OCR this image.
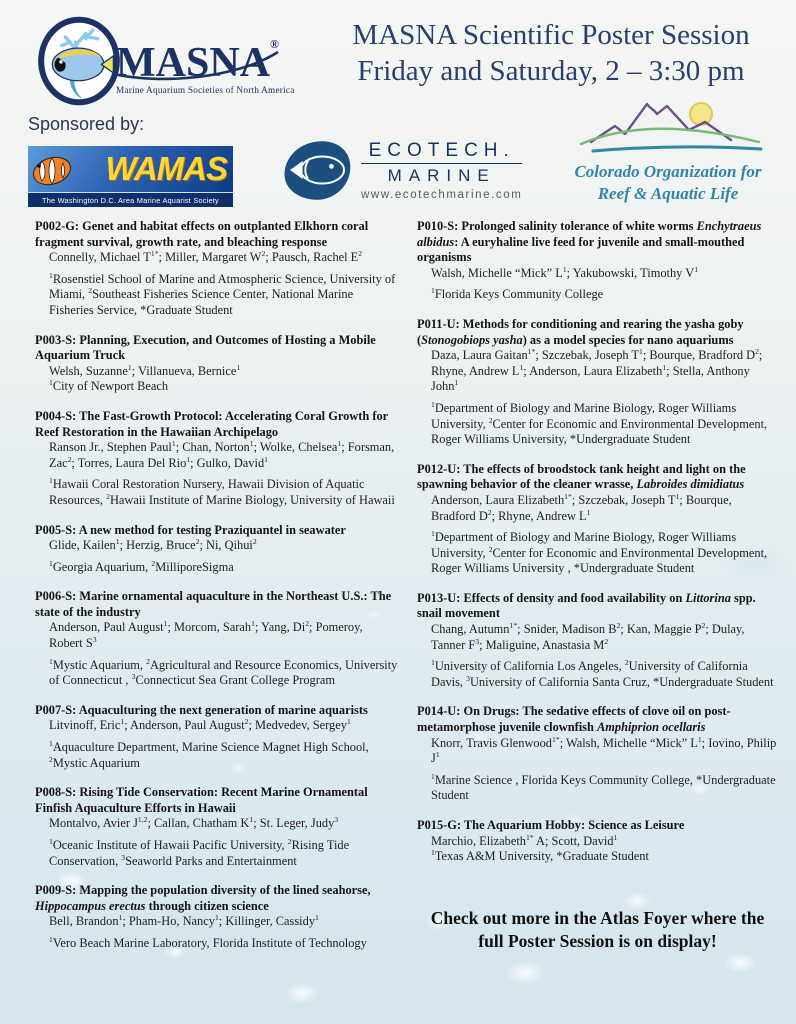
MASNA®
Marine Aquarium Societies of North America
MASNA Scientific Poster Session
Friday and Saturday, 2 – 3:30 pm
Sponsored by:
WAMAS
The Washington D.C. Area Marine Aquarist Society
ECOTECH.
MARINE
www.ecotechmarine.com
Colorado Organization for
Reef & Aquatic Life
P002-G: Genet and habitat effects on outplanted Elkhorn coral fragment survival, growth rate, and bleaching response
Connelly, Michael $T^{1*}$; Miller, Margaret $W^2$; Pausch, Rachel $E^2$
$^1$Rosenstiel School of Marine and Atmospheric Science, University of Miami, $^2$Southeast Fisheries Science Center, National Marine Fisheries Service, *Graduate Student
P003-S: Planning, Execution, and Outcomes of Hosting a Mobile Aquarium Truck
Welsh, Suzanne$^1$; Villanueva, Bernice$^1$
$^1$City of Newport Beach
P004-S: The Fast-Growth Protocol: Accelerating Coral Growth for Reef Restoration in the Hawaiian Archipelago
Ranson Jr., Stephen Paul$^1$; Chan, Norton$^1$; Wolke, Chelsea$^1$; Forsman, Zac$^2$; Torres, Laura Del Rio$^1$; Gulko, David$^1$
$^1$Hawaii Coral Restoration Nursery, Hawaii Division of Aquatic Resources, $^2$Hawaii Institute of Marine Biology, University of Hawaii
P005-S: A new method for testing Praziquantel in seawater
Glide, Kailen$^1$; Herzig, Bruce$^2$; Ni, Qihui$^2$
$^1$Georgia Aquarium, $^2$MilliporeSigma
P006-S: Marine ornamental aquaculture in the Northeast U.S.: The state of the industry
Anderson, Paul August$^1$; Morcom, Sarah$^1$; Yang, Di$^2$; Pomeroy, Robert $S^3$
$^1$Mystic Aquarium, $^2$Agricultural and Resource Economics, University of Connecticut , $^3$Connecticut Sea Grant College Program
P007-S: Aquaculturing the next generation of marine aquarists
Litvinoff, Eric$^1$; Anderson, Paul August$^2$; Medvedev, Sergey$^1$
$^1$Aquaculture Department, Marine Science Magnet High School, $^2$Mystic Aquarium
P008-S: Rising Tide Conservation: Recent Marine Ornamental Finfish Aquaculture Efforts in Hawaii
Montalvo, Avier J$^{1,2}$; Callan, Chatham $K^1$; St. Leger, Judy$^3$
$^1$Oceanic Institute of Hawaii Pacific University, $^2$Rising Tide Conservation, $^3$Seaworld Parks and Entertainment
P009-S: Mapping the population diversity of the lined seahorse, Hippocampus erectus through citizen science
Bell, Brandon$^1$; Pham-Ho, Nancy$^1$; Killinger, Cassidy$^1$
$^1$Vero Beach Marine Laboratory, Florida Institute of Technology
P010-S: Prolonged salinity tolerance of white worms Enchytraeus albidus: A euryhaline live feed for juvenile and small-mouthed organisms
Walsh, Michelle “Mick” $L^1$; Yakubowski, Timothy $V^1$
$^1$Florida Keys Community College
P011-U: Methods for conditioning and rearing the yasha goby (Stonogobiops yasha) as a model species for nano aquariums
Daza, Laura Gaitan$^{1*}$; Szczebak, Joseph $T^1$; Bourque, Bradford $D^2$; Rhyne, Andrew $L^1$; Anderson, Laura Elizabeth$^1$; Stella, Anthony John$^1$
$^1$Department of Biology and Marine Biology, Roger Williams University, $^2$Center for Economic and Environmental Development, Roger Williams University, *Undergraduate Student
P012-U: The effects of broodstock tank height and light on the spawning behavior of the cleaner wrasse, Labroides dimidiatus
Anderson, Laura Elizabeth$^{1*}$; Szczebak, Joseph $T^1$; Bourque, Bradford $D^2$; Rhyne, Andrew $L^1$
$^1$Department of Biology and Marine Biology, Roger Williams University, $^2$Center for Economic and Environmental Development, Roger Williams University , *Undergraduate Student
P013-U: Effects of density and food availability on Littorina spp. snail movement
Chang, Autumn$^{1*}$; Snider, Madison $B^2$; Kan, Maggie $P^2$; Dulay, Tanner $F^3$; Maliguine, Anastasia $M^2$
$^1$University of California Los Angeles, $^2$University of California Davis, $^3$University of California Santa Cruz, *Undergraduate Student
P014-U: On Drugs: The sedative effects of clove oil on post-metamorphose juvenile clownfish Amphiprion ocellaris
Knorr, Travis Glenwood$^{1*}$; Walsh, Michelle “Mick” $L^1$; Iovino, Philip $J^1$
$^1$Marine Science , Florida Keys Community College, *Undergraduate Student
P015-G: The Aquarium Hobby: Science as Leisure
Marchio, Elizabeth$^{1*}$ A; Scott, David$^1$
$^1$Texas A&M University, *Graduate Student
Check out more in the Atlas Foyer where the full Poster Session is on display!
